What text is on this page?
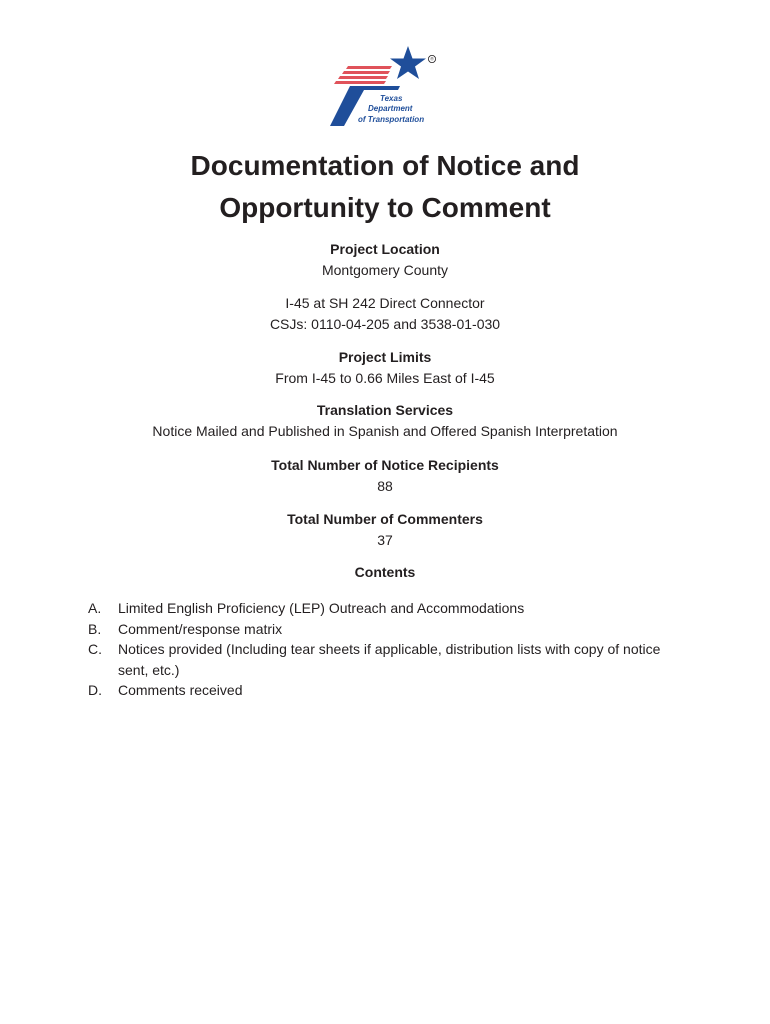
®
Texas
Department
of Transportation
Documentation of Notice and
Opportunity to Comment
Project Location
Montgomery County
I-45 at SH 242 Direct Connector
CSJs: 0110-04-205 and 3538-01-030
Project Limits
From I-45 to 0.66 Miles East of I-45
Translation Services
Notice Mailed and Published in Spanish and Offered Spanish Interpretation
Total Number of Notice Recipients
88
Total Number of Commenters
37
Contents
A. Limited English Proficiency (LEP) Outreach and Accommodations
B. Comment/response matrix
C. Notices provided (Including tear sheets if applicable, distribution lists with copy of notice sent, etc.)
D. Comments received
